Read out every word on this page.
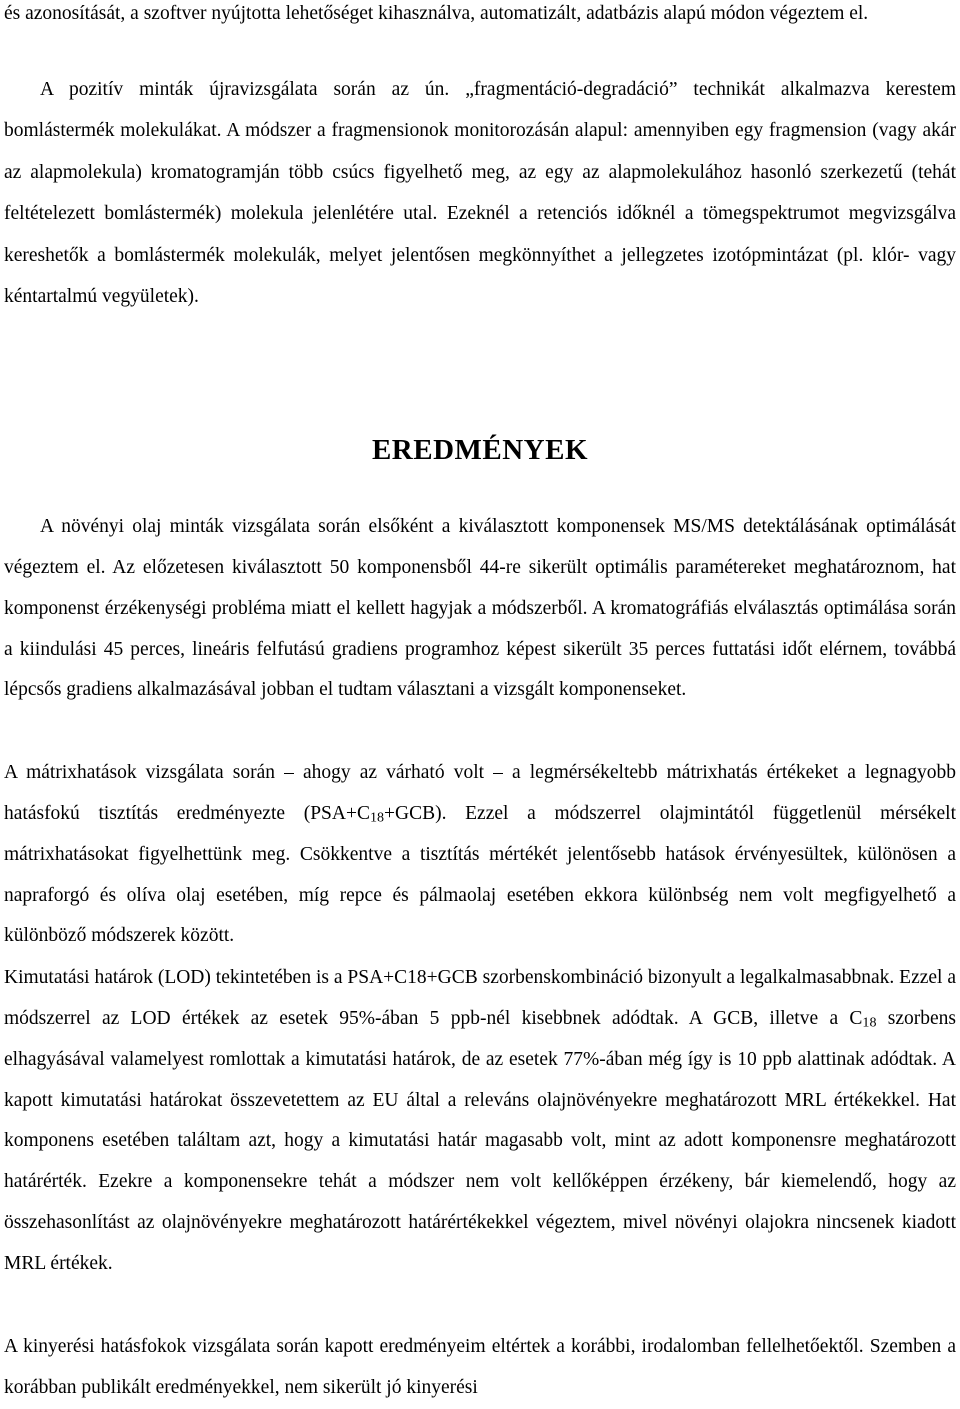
és azonosítását, a szoftver nyújtotta lehetőséget kihasználva, automatizált, adatbázis alapú módon végeztem el.

A pozitív minták újravizsgálata során az ún. „fragmentáció-degradáció” technikát alkalmazva kerestem bomlástermék molekulákat. A módszer a fragmensionok monitorozásán alapul: amennyiben egy fragmension (vagy akár az alapmolekula) kromatogramján több csúcs figyelhető meg, az egy az alapmolekulához hasonló szerkezetű (tehát feltételezett bomlástermék) molekula jelenlétére utal. Ezeknél a retenciós időknél a tömegspektrumot megvizsgálva kereshetők a bomlástermék molekulák, melyet jelentősen megkönnyíthet a jellegzetes izotópmintázat (pl. klór- vagy kéntartalmú vegyületek).

EREDMÉNYEK

A növényi olaj minták vizsgálata során elsőként a kiválasztott komponensek MS/MS detektálásának optimálását végeztem el. Az előzetesen kiválasztott 50 komponensből 44-re sikerült optimális paramétereket meghatároznom, hat komponenst érzékenységi probléma miatt el kellett hagyjak a módszerből. A kromatográfiás elválasztás optimálása során a kiindulási 45 perces, lineáris felfutású gradiens programhoz képest sikerült 35 perces futtatási időt elérnem, továbbá lépcsős gradiens alkalmazásával jobban el tudtam választani a vizsgált komponenseket.

A mátrixhatások vizsgálata során – ahogy az várható volt – a legmérsékeltebb mátrixhatás értékeket a legnagyobb hatásfokú tisztítás eredményezte $(PSA+C_{18}+GCB)$. Ezzel a módszerrel olajmintától függetlenül mérsékelt mátrixhatásokat figyelhettünk meg. Csökkentve a tisztítás mértékét jelentősebb hatások érvényesültek, különösen a napraforgó és olíva olaj esetében, míg repce és pálmaolaj esetében ekkora különbség nem volt megfigyelhető a különböző módszerek között.

Kimutatási határok (LOD) tekintetében is a PSA+C18+GCB szorbenskombináció bizonyult a legalkalmasabbnak. Ezzel a módszerrel az LOD értékek az esetek 95%-ában 5 ppb-nél kisebbnek adódtak. A GCB, illetve a $C_{18}$ szorbens elhagyásával valamelyest romlottak a kimutatási határok, de az esetek 77%-ában még így is 10 ppb alattinak adódtak. A kapott kimutatási határokat összevetettem az EU által a releváns olajnövényekre meghatározott MRL értékekkel. Hat komponens esetében találtam azt, hogy a kimutatási határ magasabb volt, mint az adott komponensre meghatározott határérték. Ezekre a komponensekre tehát a módszer nem volt kellőképpen érzékeny, bár kiemelendő, hogy az összehasonlítást az olajnövényekre meghatározott határértékekkel végeztem, mivel növényi olajokra nincsenek kiadott MRL értékek.

A kinyerési hatásfokok vizsgálata során kapott eredményeim eltértek a korábbi, irodalomban fellelhetőektől. Szemben a korábban publikált eredményekkel, nem sikerült jó kinyerési
